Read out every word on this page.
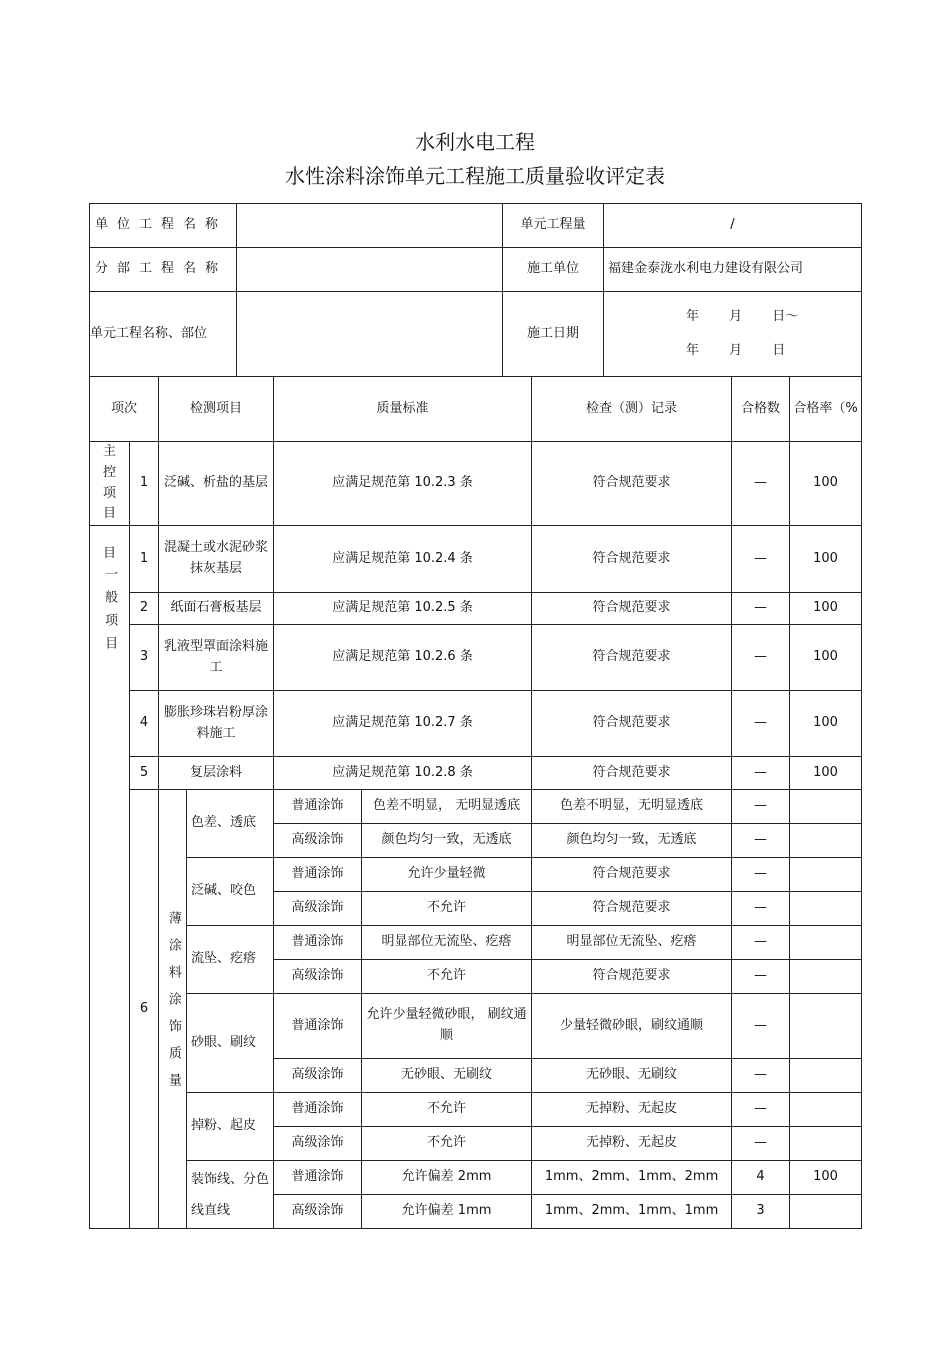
水利水电工程
水性涂料涂饰单元工程施工质量验收评定表
单位工程名称		单元工程量	/
分部工程名称		施工单位	福建金泰泷水利电力建设有限公司
单元工程名称、部位		施工日期	年 月 日～
年 月 日
项次		检测项目		质量标准		检查（测）记录	合格数	合格率（%
主控项目	1	泛碱、析盐的基层		应满足规范第 10.2.3 条		符合规范要求	—	100
目
一般项目	1	混凝土或水泥砂浆抹灰基层		应满足规范第 10.2.4 条		符合规范要求	—	100
	2	纸面石膏板基层		应满足规范第 10.2.5 条		符合规范要求	—	100
	3	乳液型罩面涂料施工		应满足规范第 10.2.6 条		符合规范要求	—	100
	4	膨胀珍珠岩粉厚涂料施工		应满足规范第 10.2.7 条		符合规范要求	—	100
	5	复层涂料		应满足规范第 10.2.8 条		符合规范要求	—	100
	6	薄涂料涂饰质量	色差、透底	普通涂饰	色差不明显， 无明显透底	色差不明显，无明显透底	—	
				高级涂饰	颜色均匀一致，无透底	颜色均匀一致，无透底	—	
			泛碱、咬色	普通涂饰	允许少量轻微	符合规范要求	—	
				高级涂饰	不允许	符合规范要求	—	
			流坠、疙瘩	普通涂饰	明显部位无流坠、疙瘩	明显部位无流坠、疙瘩	—	
				高级涂饰	不允许	符合规范要求	—	
			砂眼、刷纹	普通涂饰	允许少量轻微砂眼， 刷纹通顺	少量轻微砂眼，刷纹通顺	—	
				高级涂饰	无砂眼、无刷纹	无砂眼、无刷纹	—	
			掉粉、起皮	普通涂饰	不允许	无掉粉、无起皮	—	
				高级涂饰	不允许	无掉粉、无起皮	—	
			装饰线、分色线直线	普通涂饰	允许偏差 2mm	1mm、2mm、1mm、2mm	4	100
				高级涂饰	允许偏差 1mm	1mm、2mm、1mm、1mm	3	
